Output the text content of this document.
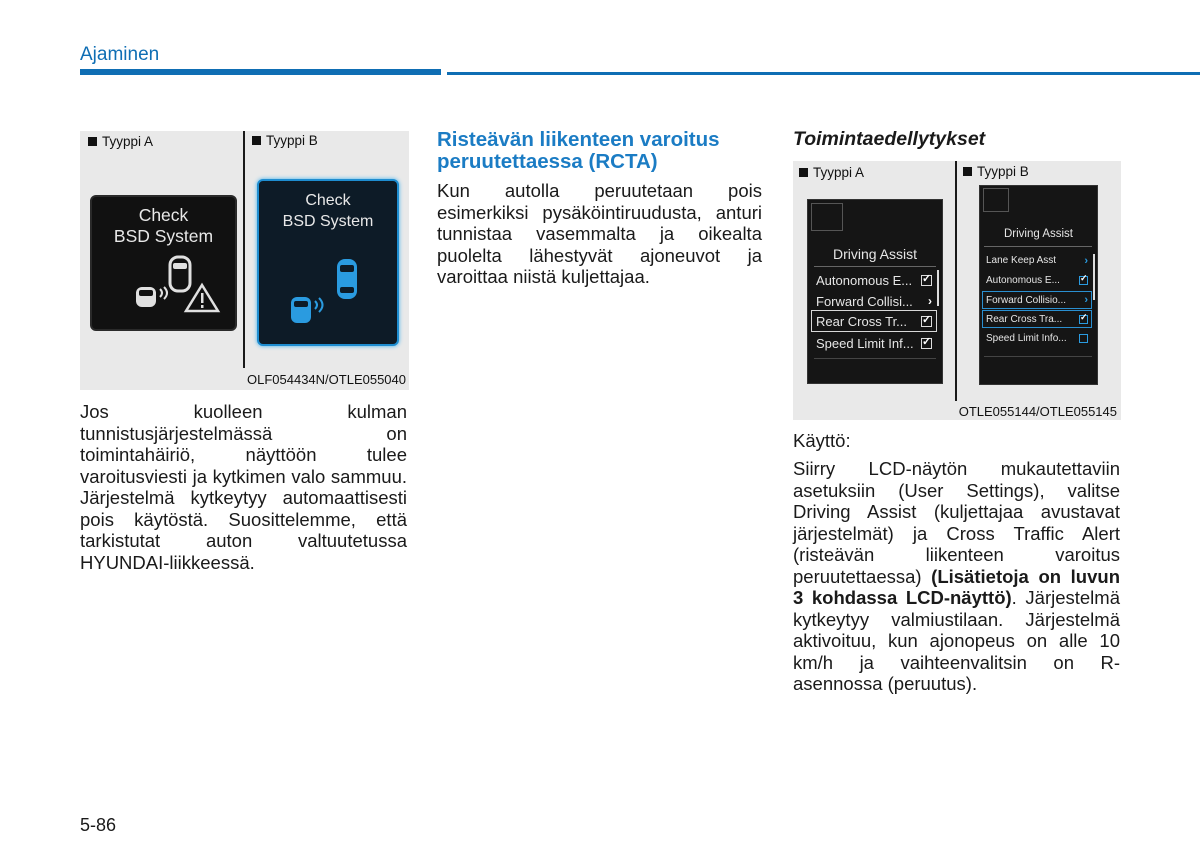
Ajaminen
Tyyppi A	Tyyppi B
Check
BSD System
Check
BSD System
OLF054434N/OTLE055040
Jos kuolleen kulman tunnistusjärjestelmässä on toimintahäiriö, näyttöön tulee varoitusviesti ja kytkimen valo sammuu. Järjestelmä kytkeytyy automaattisesti pois käytöstä. Suosittelemme, että tarkistutat auton valtuutetussa HYUNDAI-liikkeessä.
Risteävän liikenteen varoitus
peruutettaessa (RCTA)
Kun autolla peruutetaan pois esimerkiksi pysäköintiruudusta, anturi tunnistaa vasemmalta ja oikealta puolelta lähestyvät ajoneuvot ja varoittaa niistä kuljettajaa.
Toimintaedellytykset
Tyyppi A	Tyyppi B
Driving Assist
Autonomous E...
✓
Forward Collisi... ›
Rear Cross Tr...
✓
Speed Limit Inf...
✓
Driving Assist
Lane Keep Asst	›
Autonomous E...
✓
Forward Collisio... ›
Rear Cross Tra...
✓
Speed Limit Info...
OTLE055144/OTLE055145
Käyttö:
Siirry LCD-näytön mukautettaviin asetuksiin (User Settings), valitse Driving Assist (kuljettajaa avustavat järjestelmät) ja Cross Traffic Alert (risteävän liikenteen varoitus peruutettaessa) (Lisätietoja on luvun 3 kohdassa LCD-näyttö). Järjestelmä kytkeytyy valmiustilaan. Järjestelmä aktivoituu, kun ajonopeus on alle 10 km/h ja vaihteenvalitsin on R-asennossa (peruutus).
5-86
